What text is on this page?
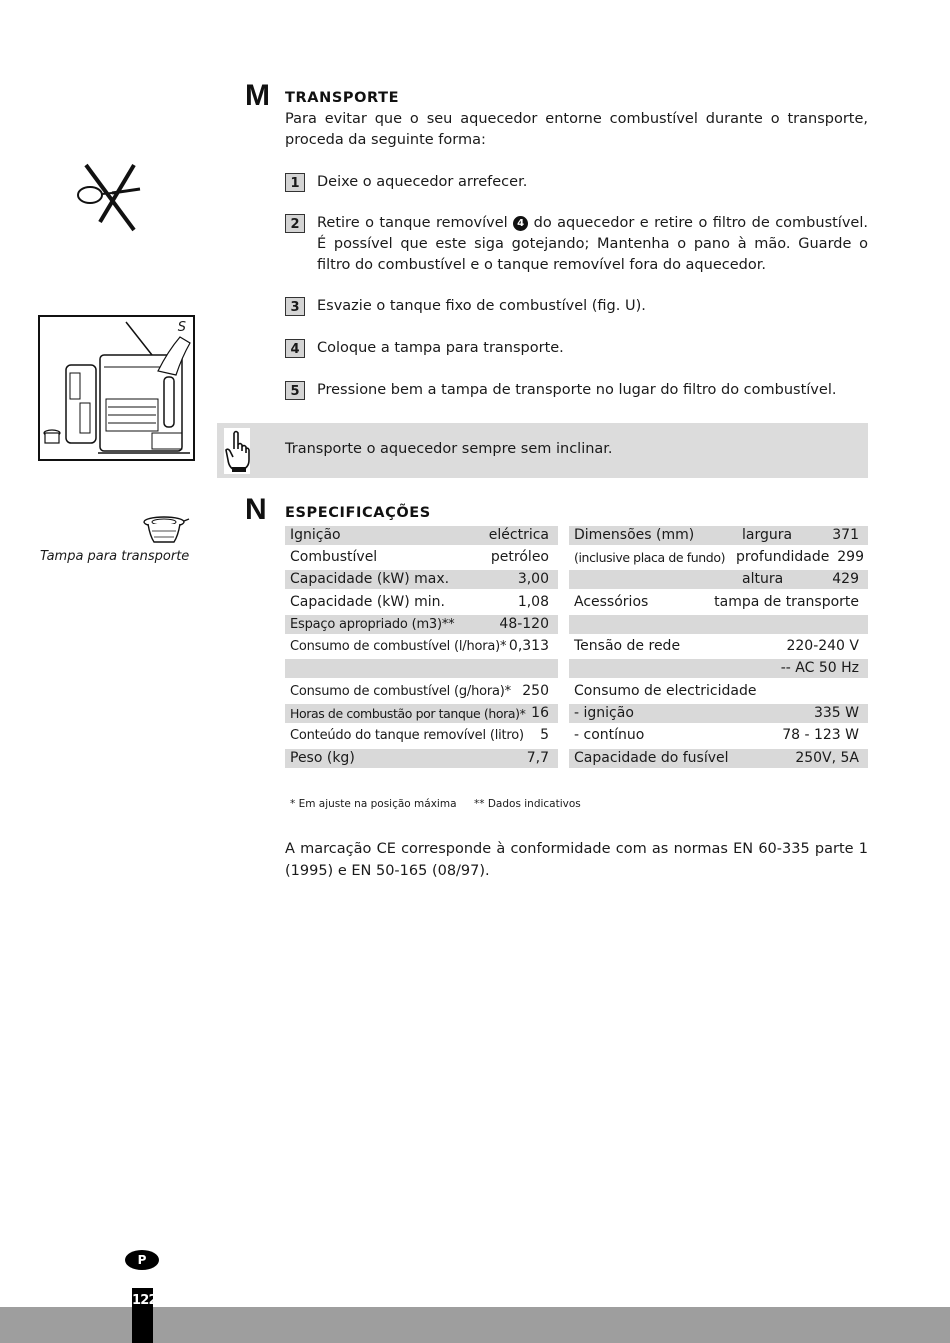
M TRANSPORTE
Para evitar que o seu aquecedor entorne combustível durante o transporte, proceda da seguinte forma:
1	Deixe o aquecedor arrefecer.
2	Retire o tanque removível 4 do aquecedor e retire o filtro de combustível. É possível que este siga gotejando; Mantenha o pano à mão. Guarde o filtro do combustível e o tanque removível fora do aquecedor.
3	Esvazie o tanque fixo de combustível (fig. U).
4	Coloque a tampa para transporte.
5	Pressione bem a tampa de transporte no lugar do filtro do combustível.
S
Transporte o aquecedor sempre sem inclinar.
N ESPECIFICAÇÕES
Tampa para transporte
Ignição	eléctrica
Combustível	petróleo
Capacidade (kW) max.	3,00
Capacidade (kW) min.	1,08
Espaço apropriado (m3)**	48-120
Consumo de combustível (l/hora)* 0,313
Consumo de combustível (g/hora)* 250
Horas de combustão por tanque (hora)* 16
Conteúdo do tanque removível (litro) 5
Peso (kg)	7,7
Dimensões (mm)	largura	371
(inclusive placa de fundo) profundidade 299
altura	429
Acessórios	tampa de transporte
Tensão de rede	220-240 V
-- AC 50 Hz
Consumo de electricidade
- ignição	335 W
- contínuo	78 - 123 W
Capacidade do fusível	250V, 5A
* Em ajuste na posição máxima ** Dados indicativos
A marcação CE corresponde à conformidade com as normas EN 60-335 parte 1 (1995) e EN 50-165 (08/97).
P
122
